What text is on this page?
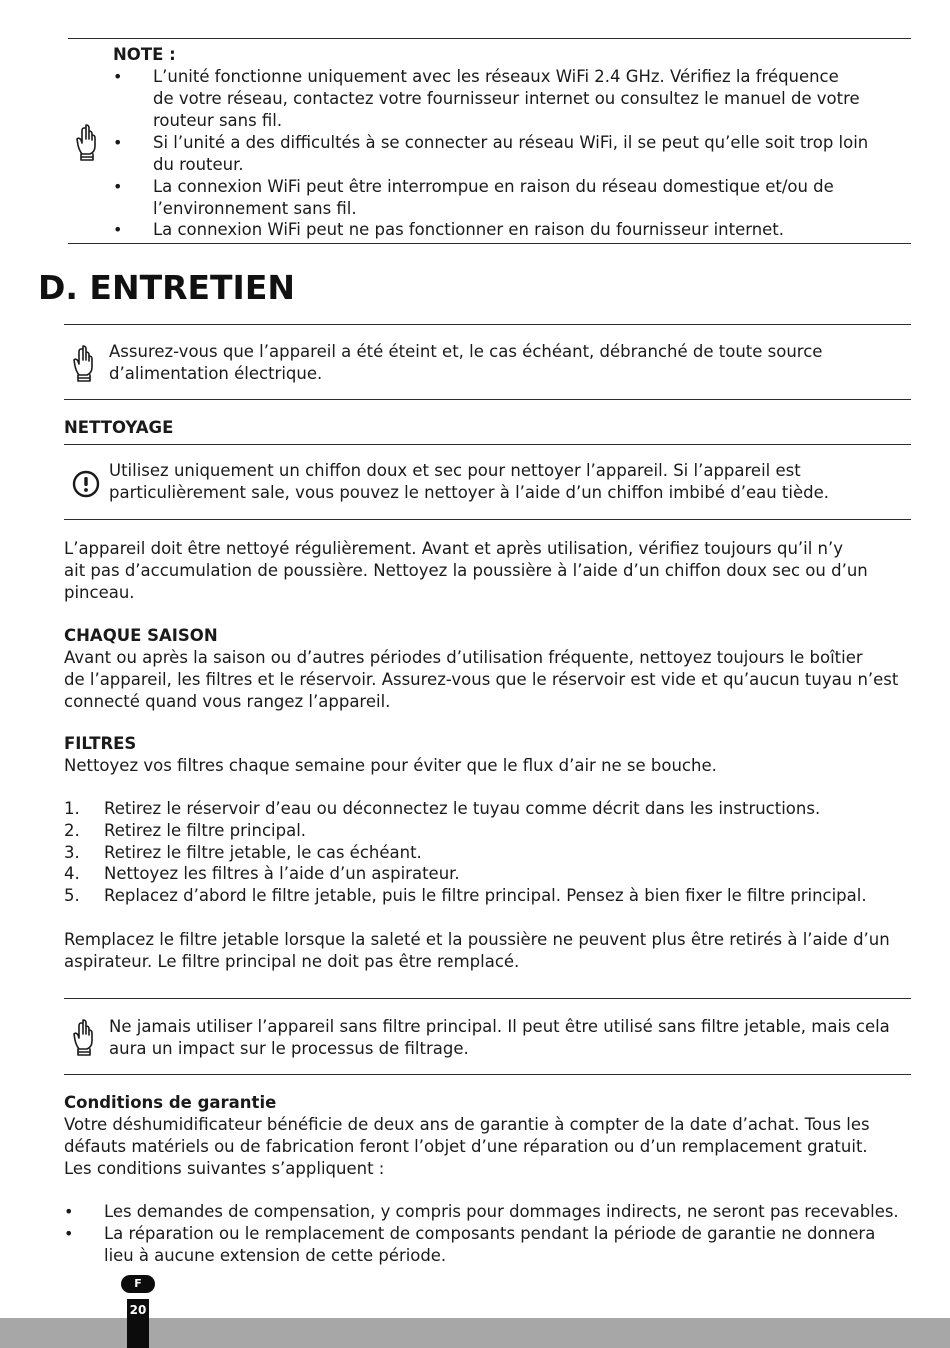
NOTE :
• L’unité fonctionne uniquement avec les réseaux WiFi 2.4 GHz. Vérifiez la fréquence
de votre réseau, contactez votre fournisseur internet ou consultez le manuel de votre
routeur sans fil.
• Si l’unité a des difficultés à se connecter au réseau WiFi, il se peut qu’elle soit trop loin
du routeur.
• La connexion WiFi peut être interrompue en raison du réseau domestique et/ou de
l’environnement sans fil.
• La connexion WiFi peut ne pas fonctionner en raison du fournisseur internet.
D. ENTRETIEN
Assurez-vous que l’appareil a été éteint et, le cas échéant, débranché de toute source
d’alimentation électrique.
NETTOYAGE
Utilisez uniquement un chiffon doux et sec pour nettoyer l’appareil. Si l’appareil est
particulièrement sale, vous pouvez le nettoyer à l’aide d’un chiffon imbibé d’eau tiède.
L’appareil doit être nettoyé régulièrement. Avant et après utilisation, vérifiez toujours qu’il n’y
ait pas d’accumulation de poussière. Nettoyez la poussière à l’aide d’un chiffon doux sec ou d’un
pinceau.
CHAQUE SAISON
Avant ou après la saison ou d’autres périodes d’utilisation fréquente, nettoyez toujours le boîtier
de l’appareil, les filtres et le réservoir. Assurez-vous que le réservoir est vide et qu’aucun tuyau n’est
connecté quand vous rangez l’appareil.
FILTRES
Nettoyez vos filtres chaque semaine pour éviter que le flux d’air ne se bouche.
1. Retirez le réservoir d’eau ou déconnectez le tuyau comme décrit dans les instructions.
2. Retirez le filtre principal.
3. Retirez le filtre jetable, le cas échéant.
4. Nettoyez les filtres à l’aide d’un aspirateur.
5. Replacez d’abord le filtre jetable, puis le filtre principal. Pensez à bien fixer le filtre principal.
Remplacez le filtre jetable lorsque la saleté et la poussière ne peuvent plus être retirés à l’aide d’un
aspirateur. Le filtre principal ne doit pas être remplacé.
Ne jamais utiliser l’appareil sans filtre principal. Il peut être utilisé sans filtre jetable, mais cela
aura un impact sur le processus de filtrage.
Conditions de garantie
Votre déshumidificateur bénéficie de deux ans de garantie à compter de la date d’achat. Tous les
défauts matériels ou de fabrication feront l’objet d’une réparation ou d’un remplacement gratuit.
Les conditions suivantes s’appliquent :
• Les demandes de compensation, y compris pour dommages indirects, ne seront pas recevables.
• La réparation ou le remplacement de composants pendant la période de garantie ne donnera
lieu à aucune extension de cette période.
F
20
